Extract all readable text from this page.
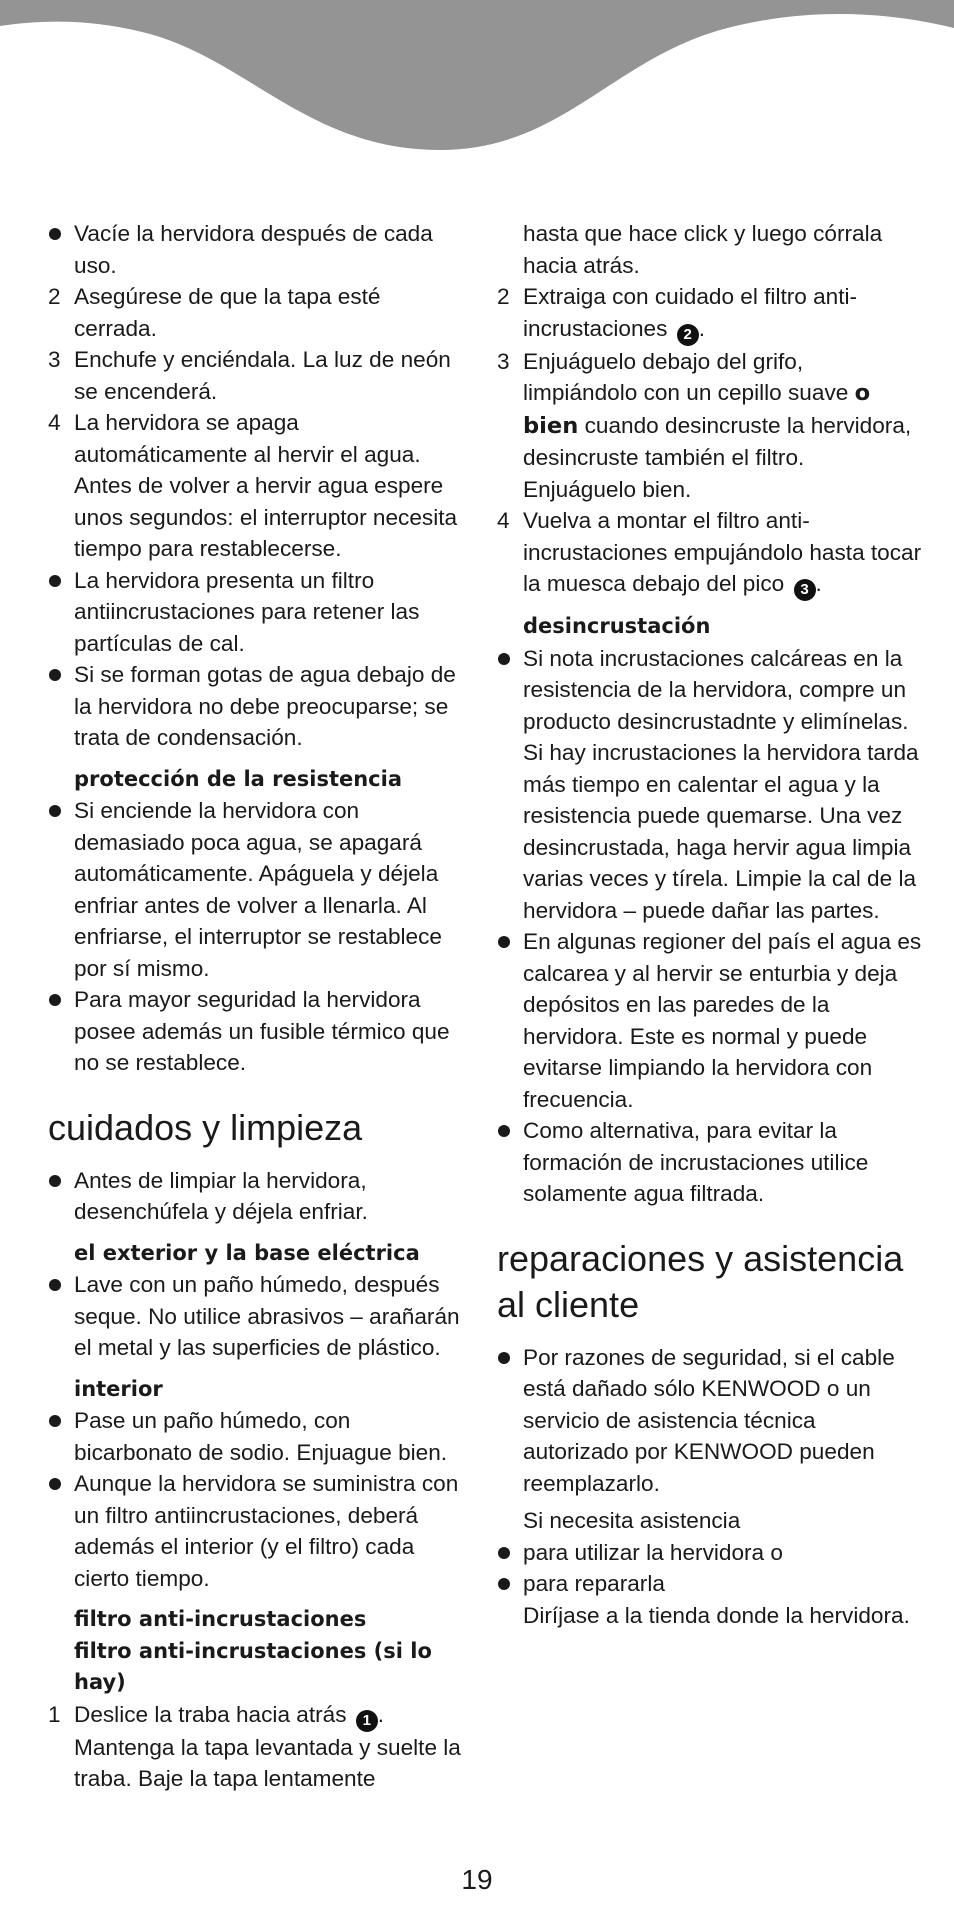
Vacíe la hervidora después de cada uso.
2 Asegúrese de que la tapa esté cerrada.
3 Enchufe y enciéndala. La luz de neón se encenderá.
4 La hervidora se apaga automáticamente al hervir el agua. Antes de volver a hervir agua espere unos segundos: el interruptor necesita tiempo para restablecerse.
La hervidora presenta un filtro antiincrustaciones para retener las partículas de cal.
Si se forman gotas de agua debajo de la hervidora no debe preocuparse; se trata de condensación.
protección de la resistencia
Si enciende la hervidora con demasiado poca agua, se apagará automáticamente. Apáguela y déjela enfriar antes de volver a llenarla. Al enfriarse, el interruptor se restablece por sí mismo.
Para mayor seguridad la hervidora posee además un fusible térmico que no se restablece.
cuidados y limpieza
Antes de limpiar la hervidora, desenchúfela y déjela enfriar.
el exterior y la base eléctrica
Lave con un paño húmedo, después seque. No utilice abrasivos – arañarán el metal y las superficies de plástico.
interior
Pase un paño húmedo, con bicarbonato de sodio. Enjuague bien.
Aunque la hervidora se suministra con un filtro antiincrustaciones, deberá además el interior (y el filtro) cada cierto tiempo.
filtro anti-incrustaciones
filtro anti-incrustaciones (si lo hay)
1 Deslice la traba hacia atrás 1 . Mantenga la tapa levantada y suelte la traba. Baje la tapa lentamente
hasta que hace click y luego córrala hacia atrás.
2 Extraiga con cuidado el filtro anti-incrustaciones 2 .
3 Enjuáguelo debajo del grifo, limpiándolo con un cepillo suave o bien cuando desincruste la hervidora, desincruste también el filtro. Enjuáguelo bien.
4 Vuelva a montar el filtro anti-incrustaciones empujándolo hasta tocar la muesca debajo del pico 3 .
desincrustación
Si nota incrustaciones calcáreas en la resistencia de la hervidora, compre un producto desincrustadnte y elimínelas. Si hay incrustaciones la hervidora tarda más tiempo en calentar el agua y la resistencia puede quemarse. Una vez desincrustada, haga hervir agua limpia varias veces y tírela. Limpie la cal de la hervidora – puede dañar las partes.
En algunas regioner del país el agua es calcarea y al hervir se enturbia y deja depósitos en las paredes de la hervidora. Este es normal y puede evitarse limpiando la hervidora con frecuencia.
Como alternativa, para evitar la formación de incrustaciones utilice solamente agua filtrada.
reparaciones y asistencia al cliente
Por razones de seguridad, si el cable está dañado sólo KENWOOD o un servicio de asistencia técnica autorizado por KENWOOD pueden reemplazarlo.
Si necesita asistencia
para utilizar la hervidora o
para repararla
Diríjase a la tienda donde la hervidora.
19
